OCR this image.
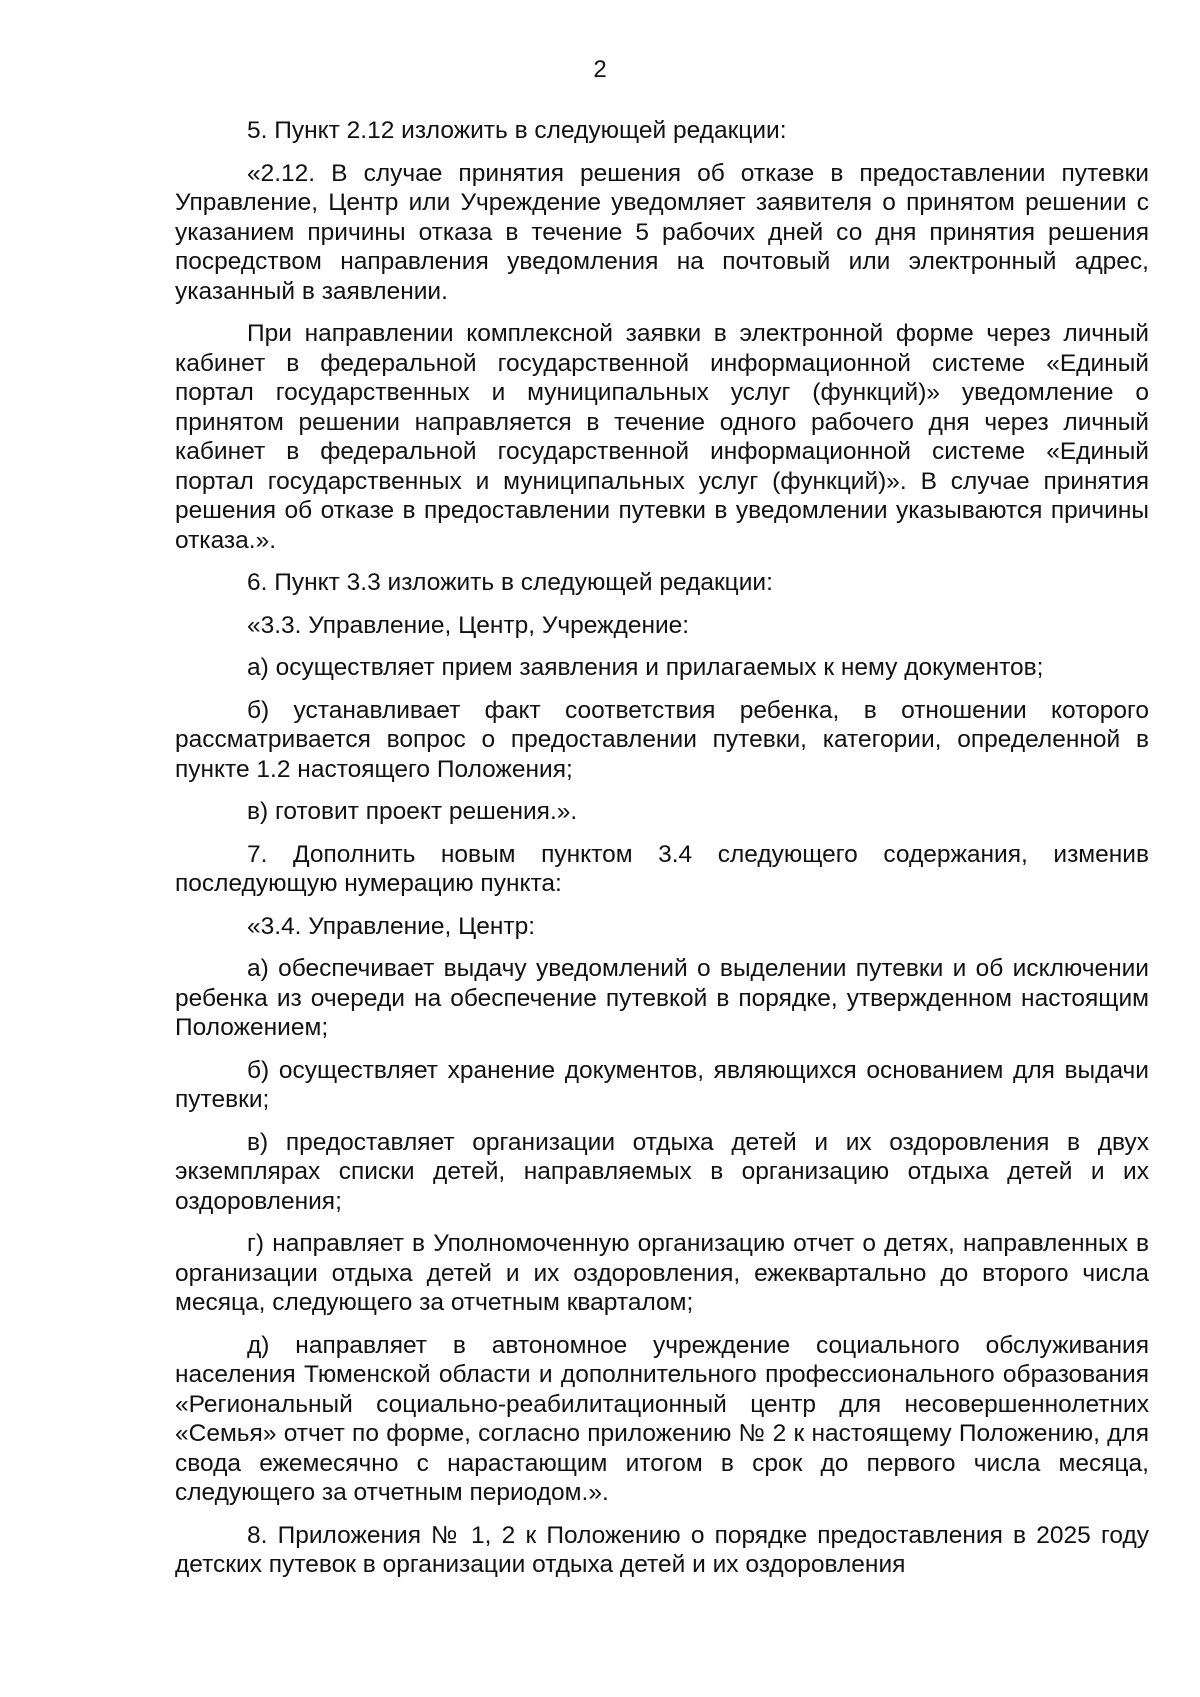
2

5. Пункт 2.12 изложить в следующей редакции:

«2.12. В случае принятия решения об отказе в предоставлении путевки Управление, Центр или Учреждение уведомляет заявителя о принятом решении с указанием причины отказа в течение 5 рабочих дней со дня принятия решения посредством направления уведомления на почтовый или электронный адрес, указанный в заявлении.

При направлении комплексной заявки в электронной форме через личный кабинет в федеральной государственной информационной системе «Единый портал государственных и муниципальных услуг (функций)» уведомление о принятом решении направляется в течение одного рабочего дня через личный кабинет в федеральной государственной информационной системе «Единый портал государственных и муниципальных услуг (функций)». В случае принятия решения об отказе в предоставлении путевки в уведомлении указываются причины отказа.».

6. Пункт 3.3 изложить в следующей редакции:

«3.3. Управление, Центр, Учреждение:

а) осуществляет прием заявления и прилагаемых к нему документов;

б) устанавливает факт соответствия ребенка, в отношении которого рассматривается вопрос о предоставлении путевки, категории, определенной в пункте 1.2 настоящего Положения;

в) готовит проект решения.».

7. Дополнить новым пунктом 3.4 следующего содержания, изменив последующую нумерацию пункта:

«3.4. Управление, Центр:

а) обеспечивает выдачу уведомлений о выделении путевки и об исключении ребенка из очереди на обеспечение путевкой в порядке, утвержденном настоящим Положением;

б) осуществляет хранение документов, являющихся основанием для выдачи путевки;

в) предоставляет организации отдыха детей и их оздоровления в двух экземплярах списки детей, направляемых в организацию отдыха детей и их оздоровления;

г) направляет в Уполномоченную организацию отчет о детях, направленных в организации отдыха детей и их оздоровления, ежеквартально до второго числа месяца, следующего за отчетным кварталом;

д) направляет в автономное учреждение социального обслуживания населения Тюменской области и дополнительного профессионального образования «Региональный социально-реабилитационный центр для несовершеннолетних «Семья» отчет по форме, согласно приложению № 2 к настоящему Положению, для свода ежемесячно с нарастающим итогом в срок до первого числа месяца, следующего за отчетным периодом.».

8. Приложения № 1, 2 к Положению о порядке предоставления в 2025 году детских путевок в организации отдыха детей и их оздоровления
